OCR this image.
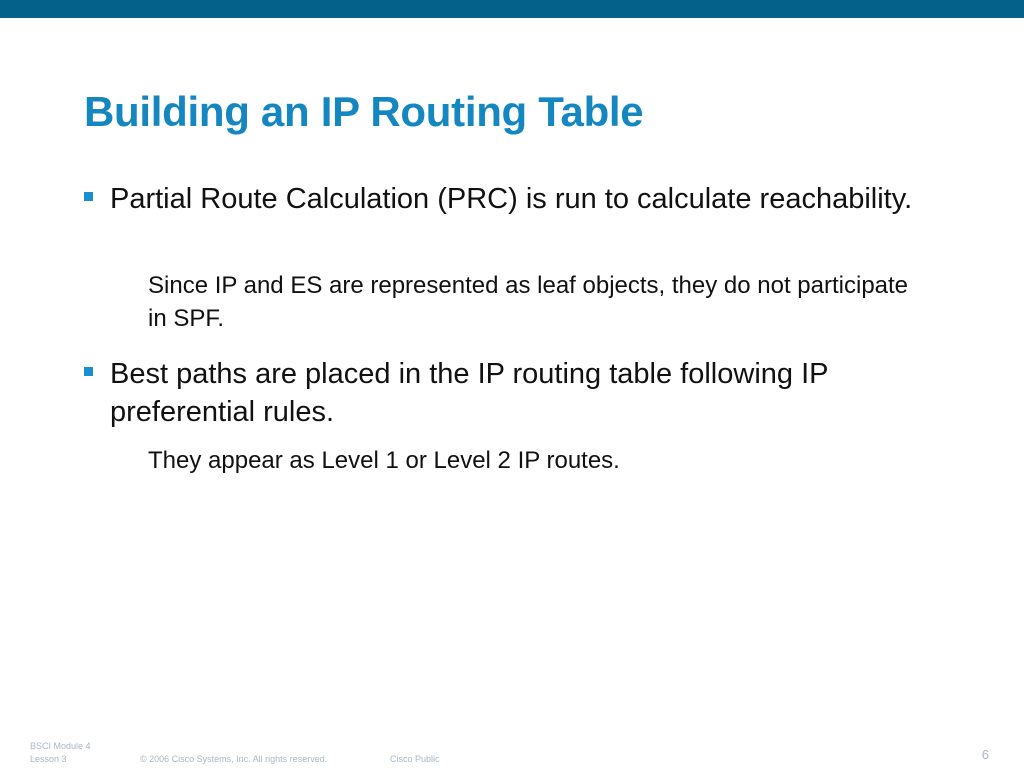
Building an IP Routing Table
Partial Route Calculation (PRC) is run to calculate reachability.
Since IP and ES are represented as leaf objects, they do not participate in SPF.
Best paths are placed in the IP routing table following IP preferential rules.
They appear as Level 1 or Level 2 IP routes.
BSCI Module 4
Lesson 3	© 2006 Cisco Systems, Inc. All rights reserved.	Cisco Public	6
